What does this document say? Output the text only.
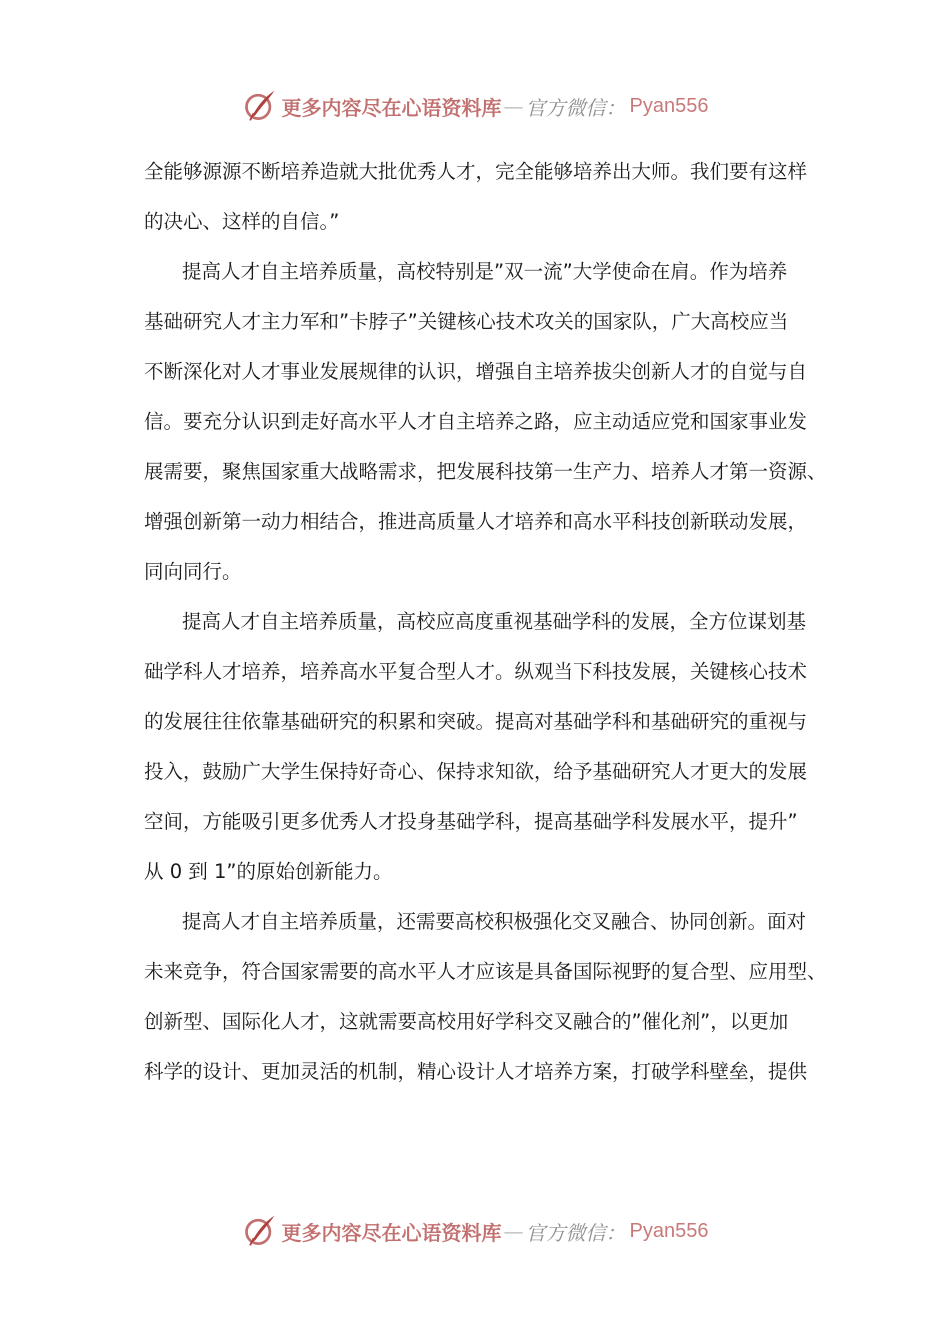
更多内容尽在心语资料库 — 官方微信： Pyan556
全能够源源不断培养造就大批优秀人才，完全能够培养出大师。我们要有这样
的决心、这样的自信。”
提高人才自主培养质量，高校特别是”双一流”大学使命在肩。作为培养
基础研究人才主力军和”卡脖子”关键核心技术攻关的国家队，广大高校应当
不断深化对人才事业发展规律的认识，增强自主培养拔尖创新人才的自觉与自
信。要充分认识到走好高水平人才自主培养之路，应主动适应党和国家事业发
展需要，聚焦国家重大战略需求，把发展科技第一生产力、培养人才第一资源、
增强创新第一动力相结合，推进高质量人才培养和高水平科技创新联动发展，
同向同行。
提高人才自主培养质量，高校应高度重视基础学科的发展，全方位谋划基
础学科人才培养，培养高水平复合型人才。纵观当下科技发展，关键核心技术
的发展往往依靠基础研究的积累和突破。提高对基础学科和基础研究的重视与
投入，鼓励广大学生保持好奇心、保持求知欲，给予基础研究人才更大的发展
空间，方能吸引更多优秀人才投身基础学科，提高基础学科发展水平，提升”
从 0 到 1”的原始创新能力。
提高人才自主培养质量，还需要高校积极强化交叉融合、协同创新。面对
未来竞争，符合国家需要的高水平人才应该是具备国际视野的复合型、应用型、
创新型、国际化人才，这就需要高校用好学科交叉融合的”催化剂”，以更加
科学的设计、更加灵活的机制，精心设计人才培养方案，打破学科壁垒，提供
更多内容尽在心语资料库 — 官方微信： Pyan556
